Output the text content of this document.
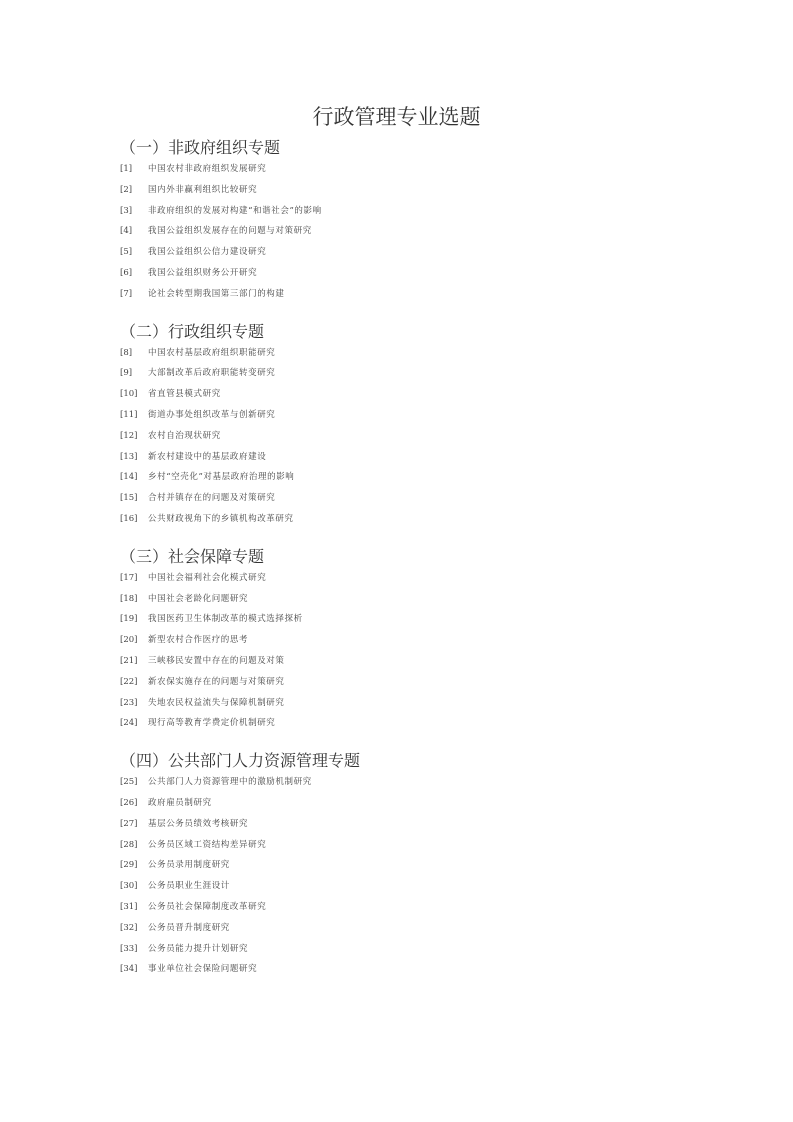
行政管理专业选题
（一）非政府组织专题
[1]	中国农村非政府组织发展研究
[2]	国内外非赢利组织比较研究
[3]	非政府组织的发展对构建“和谐社会”的影响
[4]	我国公益组织发展存在的问题与对策研究
[5]	我国公益组织公信力建设研究
[6]	我国公益组织财务公开研究
[7]	论社会转型期我国第三部门的构建
（二）行政组织专题
[8]	中国农村基层政府组织职能研究
[9]	大部制改革后政府职能转变研究
[10]	省直管县模式研究
[11]	街道办事处组织改革与创新研究
[12]	农村自治现状研究
[13]	新农村建设中的基层政府建设
[14]	乡村“空壳化”对基层政府治理的影响
[15]	合村并镇存在的问题及对策研究
[16]	公共财政视角下的乡镇机构改革研究
（三）社会保障专题
[17]	中国社会福利社会化模式研究
[18]	中国社会老龄化问题研究
[19]	我国医药卫生体制改革的模式选择探析
[20]	新型农村合作医疗的思考
[21]	三峡移民安置中存在的问题及对策
[22]	新农保实施存在的问题与对策研究
[23]	失地农民权益流失与保障机制研究
[24]	现行高等教育学费定价机制研究
（四）公共部门人力资源管理专题
[25]	公共部门人力资源管理中的激励机制研究
[26]	政府雇员制研究
[27]	基层公务员绩效考核研究
[28]	公务员区域工资结构差异研究
[29]	公务员录用制度研究
[30]	公务员职业生涯设计
[31]	公务员社会保障制度改革研究
[32]	公务员晋升制度研究
[33]	公务员能力提升计划研究
[34]	事业单位社会保险问题研究
